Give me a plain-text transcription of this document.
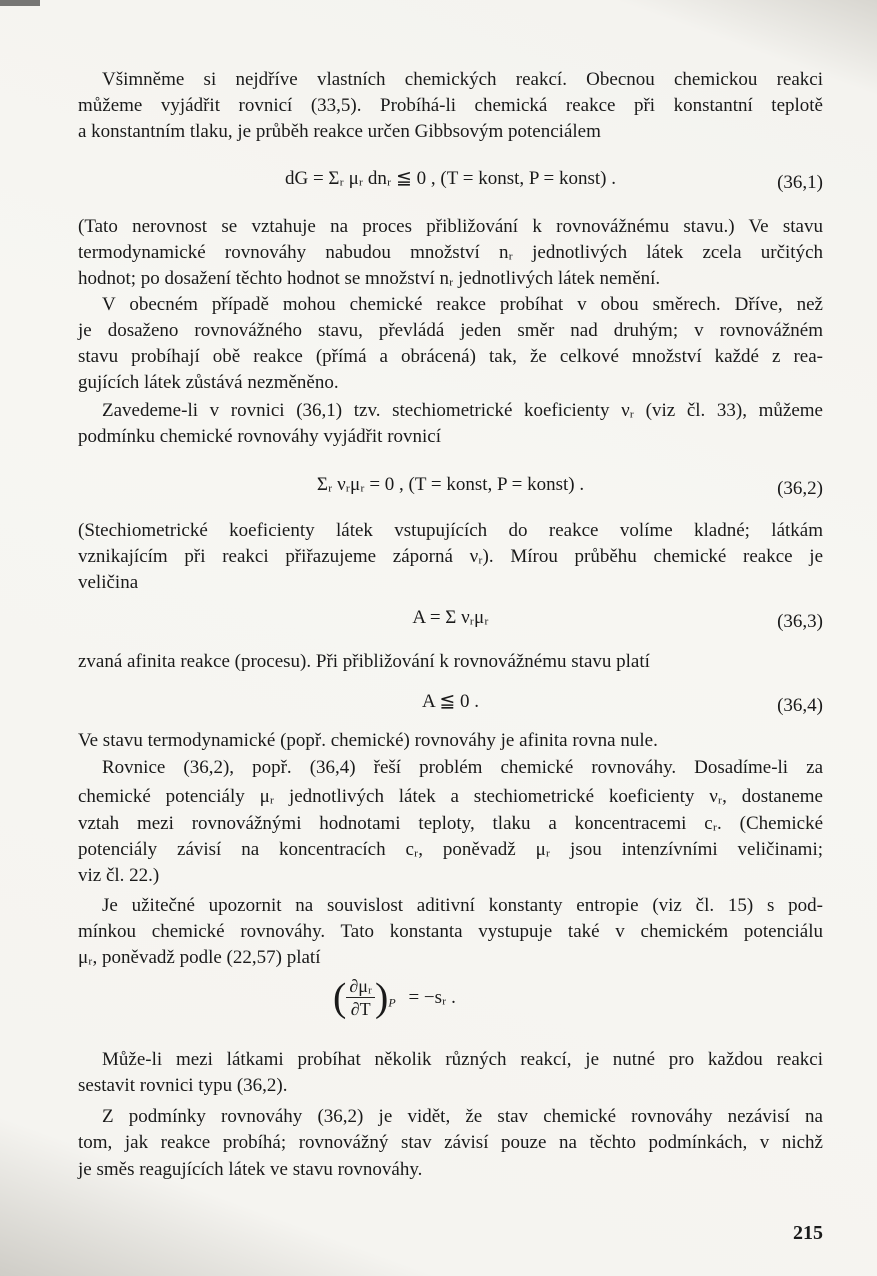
Všimněme si nejdříve vlastních chemických reakcí. Obecnou chemickou reakci
můžeme vyjádřit rovnicí (33,5). Probíhá-li chemická reakce při konstantní teplotě
a konstantním tlaku, je průběh reakce určen Gibbsovým potenciálem
dG = Σᵣ μᵣ dnᵣ ≦ 0 , (T = konst, P = konst) .	(36,1)
(Tato nerovnost se vztahuje na proces přibližování k rovnovážnému stavu.) Ve stavu
termodynamické rovnováhy nabudou množství nᵣ jednotlivých látek zcela určitých
hodnot; po dosažení těchto hodnot se množství nᵣ jednotlivých látek nemění.
V obecném případě mohou chemické reakce probíhat v obou směrech. Dříve, než
je dosaženo rovnovážného stavu, převládá jeden směr nad druhým; v rovnovážném
stavu probíhají obě reakce (přímá a obrácená) tak, že celkové množství každé z rea-
gujících látek zůstává nezměněno.
Zavedeme-li v rovnici (36,1) tzv. stechiometrické koeficienty νᵣ (viz čl. 33), můžeme
podmínku chemické rovnováhy vyjádřit rovnicí
Σᵣ νᵣμᵣ = 0 , (T = konst, P = konst) .	(36,2)
(Stechiometrické koeficienty látek vstupujících do reakce volíme kladné; látkám
vznikajícím při reakci přiřazujeme záporná νᵣ). Mírou průběhu chemické reakce je
veličina
A = Σ νᵣμᵣ	(36,3)
zvaná afinita reakce (procesu). Při přibližování k rovnovážnému stavu platí
A ≦ 0 .	(36,4)
Ve stavu termodynamické (popř. chemické) rovnováhy je afinita rovna nule.
Rovnice (36,2), popř. (36,4) řeší problém chemické rovnováhy. Dosadíme-li za
chemické potenciály μᵣ jednotlivých látek a stechiometrické koeficienty νᵣ, dostaneme
vztah mezi rovnovážnými hodnotami teploty, tlaku a koncentracemi cᵣ. (Chemické
potenciály závisí na koncentracích cᵣ, poněvadž μᵣ jsou intenzívními veličinami;
viz čl. 22.)
Je užitečné upozornit na souvislost aditivní konstanty entropie (viz čl. 15) s pod-
mínkou chemické rovnováhy. Tato konstanta vystupuje také v chemickém potenciálu
μᵣ, poněvadž podle (22,57) platí
( $\frac{\text{∂μᵣ}}{\partial T} )_P$ = −sᵣ .
Může-li mezi látkami probíhat několik různých reakcí, je nutné pro každou reakci
sestavit rovnici typu (36,2).
Z podmínky rovnováhy (36,2) je vidět, že stav chemické rovnováhy nezávisí na
tom, jak reakce probíhá; rovnovážný stav závisí pouze na těchto podmínkách, v nichž
je směs reagujících látek ve stavu rovnováhy.
215
